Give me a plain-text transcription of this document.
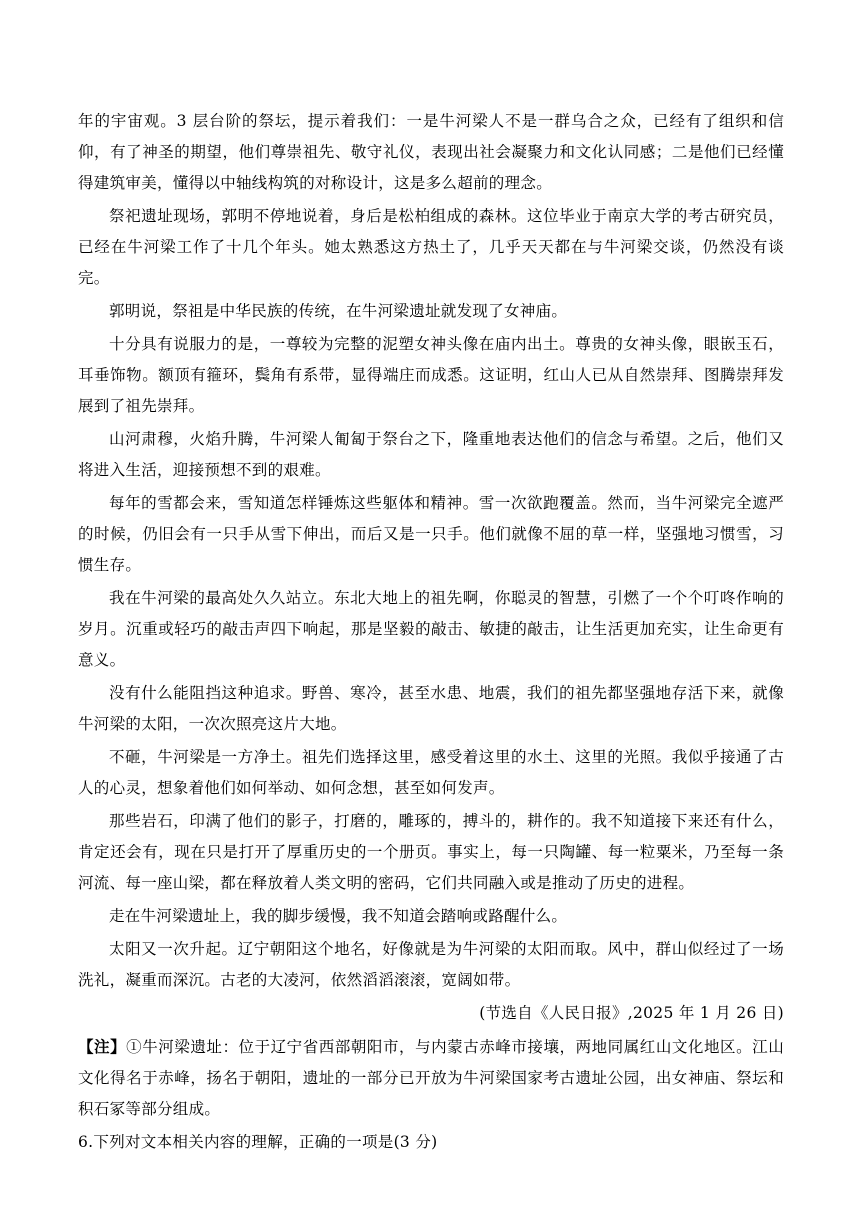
年的宇宙观。3 层台阶的祭坛，提示着我们：一是牛河梁人不是一群乌合之众，已经有了组织和信仰，有了神圣的期望，他们尊崇祖先、敬守礼仪，表现出社会凝聚力和文化认同感；二是他们已经懂得建筑审美，懂得以中轴线构筑的对称设计，这是多么超前的理念。

祭祀遗址现场，郭明不停地说着，身后是松柏组成的森林。这位毕业于南京大学的考古研究员，已经在牛河梁工作了十几个年头。她太熟悉这方热土了，几乎天天都在与牛河梁交谈，仍然没有谈完。

郭明说，祭祖是中华民族的传统，在牛河梁遗址就发现了女神庙。

十分具有说服力的是，一尊较为完整的泥塑女神头像在庙内出土。尊贵的女神头像，眼嵌玉石，耳垂饰物。额顶有箍环，鬓角有系带，显得端庄而成悉。这证明，红山人已从自然崇拜、图腾崇拜发展到了祖先崇拜。

山河肃穆，火焰升腾，牛河梁人匍匐于祭台之下，隆重地表达他们的信念与希望。之后，他们又将进入生活，迎接预想不到的艰难。

每年的雪都会来，雪知道怎样锤炼这些躯体和精神。雪一次欲跑覆盖。然而，当牛河梁完全遮严的时候，仍旧会有一只手从雪下伸出，而后又是一只手。他们就像不屈的草一样，坚强地习惯雪，习惯生存。

我在牛河梁的最高处久久站立。东北大地上的祖先啊，你聪灵的智慧，引燃了一个个叮咚作响的岁月。沉重或轻巧的敲击声四下响起，那是坚毅的敲击、敏捷的敲击，让生活更加充实，让生命更有意义。

没有什么能阻挡这种追求。野兽、寒冷，甚至水患、地震，我们的祖先都坚强地存活下来，就像牛河梁的太阳，一次次照亮这片大地。

不砸，牛河梁是一方净土。祖先们选择这里，感受着这里的水土、这里的光照。我似乎接通了古人的心灵，想象着他们如何举动、如何念想，甚至如何发声。

那些岩石，印满了他们的影子，打磨的，雕琢的，搏斗的，耕作的。我不知道接下来还有什么，肯定还会有，现在只是打开了厚重历史的一个册页。事实上，每一只陶罐、每一粒粟米，乃至每一条河流、每一座山梁，都在释放着人类文明的密码，它们共同融入或是推动了历史的进程。

走在牛河梁遗址上，我的脚步缓慢，我不知道会踏响或路醒什么。

太阳又一次升起。辽宁朝阳这个地名，好像就是为牛河梁的太阳而取。风中，群山似经过了一场洗礼，凝重而深沉。古老的大凌河，依然滔滔滚滚，宽阔如带。

(节选自《人民日报》,2025 年 1 月 26 日)

【注】①牛河梁遗址：位于辽宁省西部朝阳市，与内蒙古赤峰市接壤，两地同属红山文化地区。江山文化得名于赤峰，扬名于朝阳，遗址的一部分已开放为牛河梁国家考古遗址公园，出女神庙、祭坛和积石冢等部分组成。

6.下列对文本相关内容的理解，正确的一项是(3 分)
